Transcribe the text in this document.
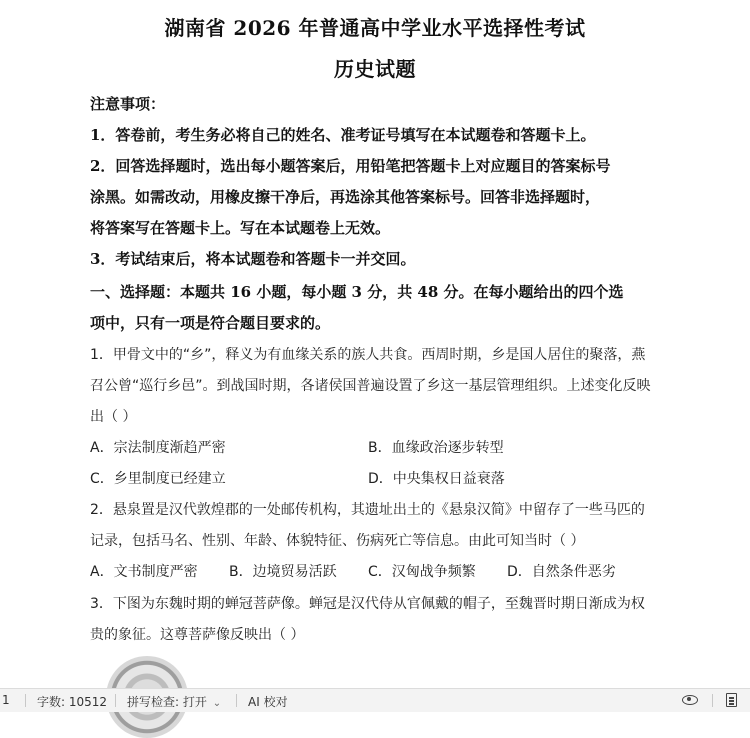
湖南省 2026 年普通高中学业水平选择性考试
历史试题
注意事项：
1．答卷前，考生务必将自己的姓名、准考证号填写在本试题卷和答题卡上。
2．回答选择题时，选出每小题答案后，用铅笔把答题卡上对应题目的答案标号
涂黑。如需改动，用橡皮擦干净后，再选涂其他答案标号。回答非选择题时，
将答案写在答题卡上。写在本试题卷上无效。
3．考试结束后，将本试题卷和答题卡一并交回。
一、选择题：本题共 16 小题，每小题 3 分，共 48 分。在每小题给出的四个选
项中，只有一项是符合题目要求的。
1．甲骨文中的“乡”，释义为有血缘关系的族人共食。西周时期，乡是国人居住的聚落，燕
召公曾“巡行乡邑”。到战国时期，各诸侯国普遍设置了乡这一基层管理组织。上述变化反映
出（ ）
A．宗法制度渐趋严密	B．血缘政治逐步转型
C．乡里制度已经建立	D．中央集权日益衰落
2．悬泉置是汉代敦煌郡的一处邮传机构，其遗址出土的《悬泉汉简》中留存了一些马匹的
记录，包括马名、性别、年龄、体貌特征、伤病死亡等信息。由此可知当时（ ）
A．文书制度严密 B．边境贸易活跃 C．汉匈战争频繁 D．自然条件恶劣
3．下图为东魏时期的蝉冠菩萨像。蝉冠是汉代侍从官佩戴的帽子，至魏晋时期日渐成为权
贵的象征。这尊菩萨像反映出（ ）
1 字数: 10512 拼写检查: 打开 ⌄ AI 校对
